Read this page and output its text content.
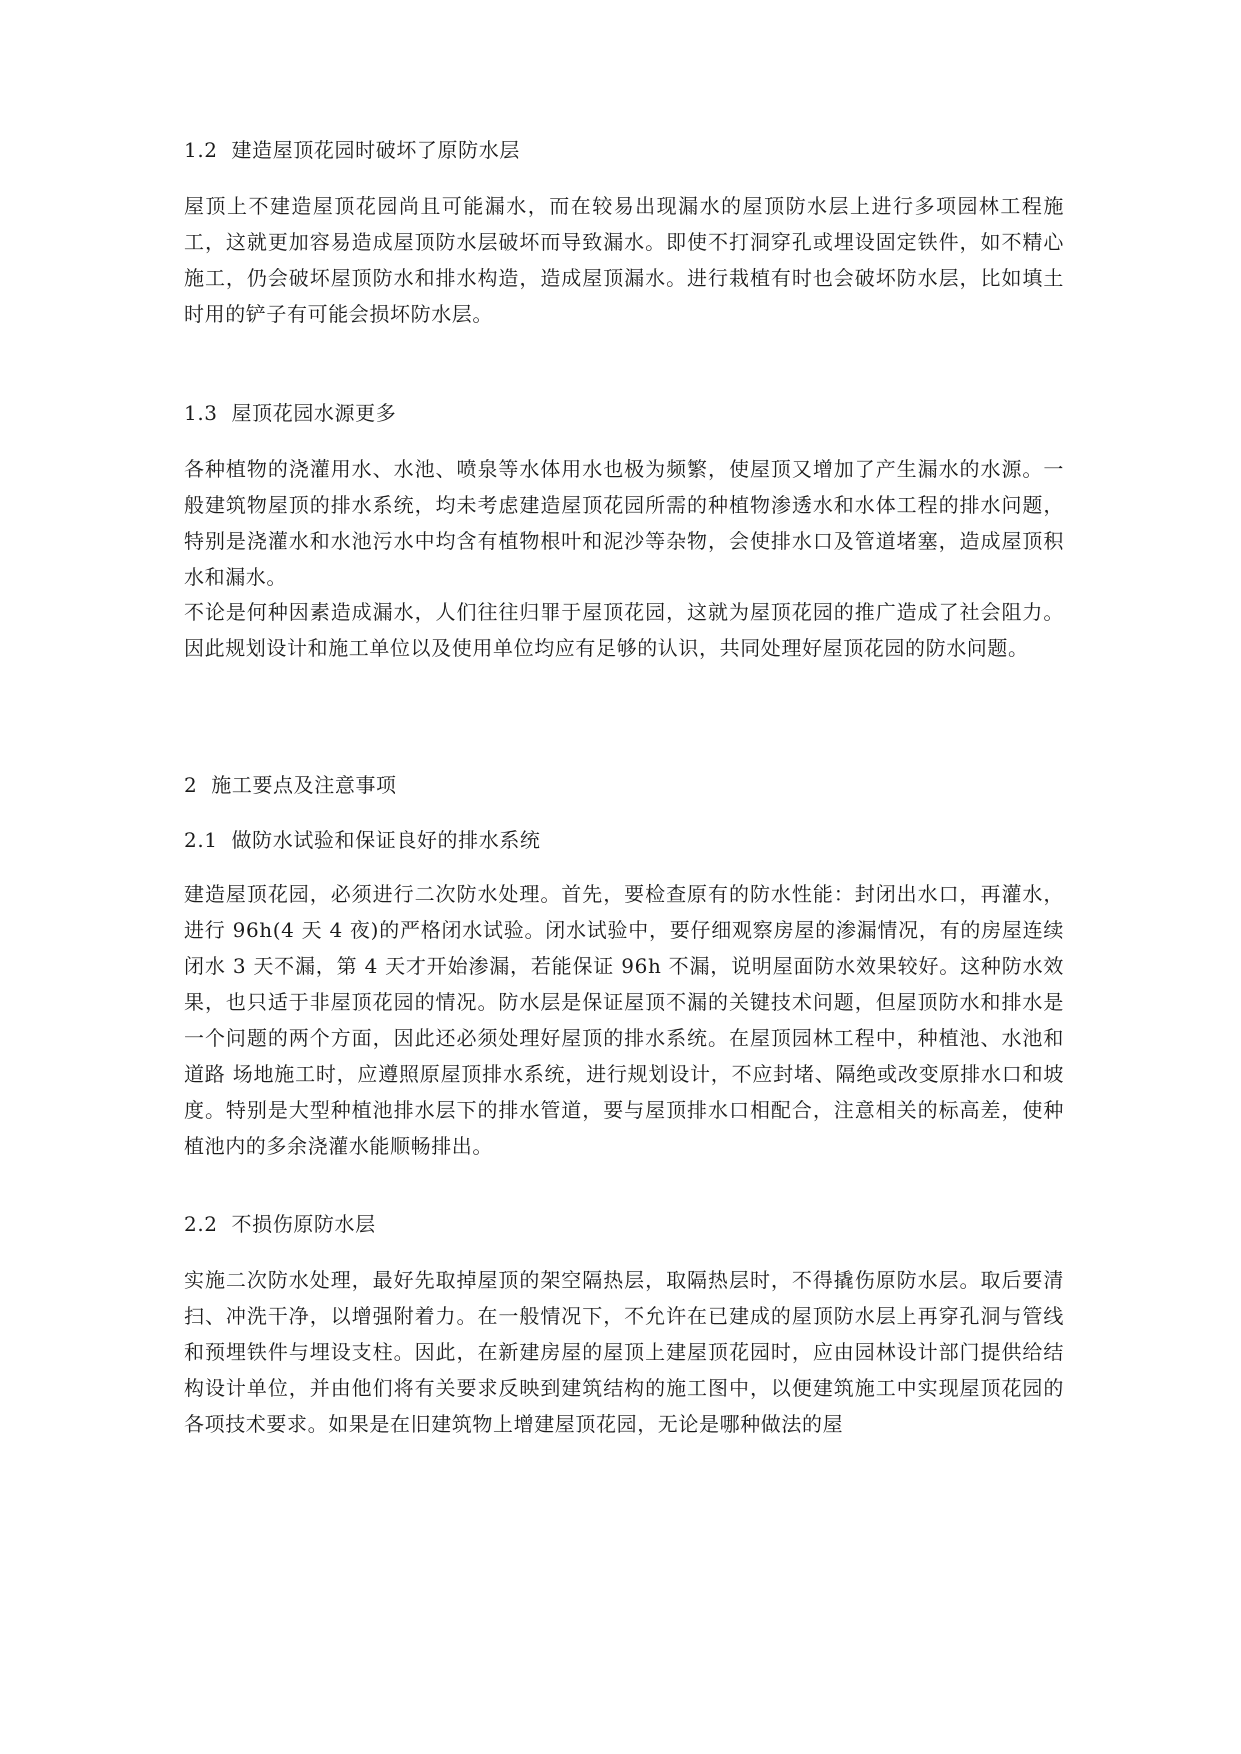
1.2  建造屋顶花园时破坏了原防水层
屋顶上不建造屋顶花园尚且可能漏水，而在较易出现漏水的屋顶防水层上进行多项园林工程施工，这就更加容易造成屋顶防水层破坏而导致漏水。即使不打洞穿孔或埋设固定铁件，如不精心施工，仍会破坏屋顶防水和排水构造，造成屋顶漏水。进行栽植有时也会破坏防水层，比如填土时用的铲子有可能会损坏防水层。
1.3  屋顶花园水源更多
各种植物的浇灌用水、水池、喷泉等水体用水也极为频繁，使屋顶又增加了产生漏水的水源。一般建筑物屋顶的排水系统，均未考虑建造屋顶花园所需的种植物渗透水和水体工程的排水问题，特别是浇灌水和水池污水中均含有植物根叶和泥沙等杂物，会使排水口及管道堵塞，造成屋顶积水和漏水。
不论是何种因素造成漏水，人们往往归罪于屋顶花园，这就为屋顶花园的推广造成了社会阻力。因此规划设计和施工单位以及使用单位均应有足够的认识，共同处理好屋顶花园的防水问题。
2  施工要点及注意事项
2.1  做防水试验和保证良好的排水系统
建造屋顶花园，必须进行二次防水处理。首先，要检查原有的防水性能：封闭出水口，再灌水，进行 96h(4 天 4 夜)的严格闭水试验。闭水试验中，要仔细观察房屋的渗漏情况，有的房屋连续闭水 3 天不漏，第 4 天才开始渗漏，若能保证 96h 不漏，说明屋面防水效果较好。这种防水效果，也只适于非屋顶花园的情况。防水层是保证屋顶不漏的关键技术问题，但屋顶防水和排水是一个问题的两个方面，因此还必须处理好屋顶的排水系统。在屋顶园林工程中，种植池、水池和道路 场地施工时，应遵照原屋顶排水系统，进行规划设计，不应封堵、隔绝或改变原排水口和坡度。特别是大型种植池排水层下的排水管道，要与屋顶排水口相配合，注意相关的标高差，使种植池内的多余浇灌水能顺畅排出。
2.2  不损伤原防水层
实施二次防水处理，最好先取掉屋顶的架空隔热层，取隔热层时，不得撬伤原防水层。取后要清扫、冲洗干净，以增强附着力。在一般情况下，不允许在已建成的屋顶防水层上再穿孔洞与管线和预埋铁件与埋设支柱。因此，在新建房屋的屋顶上建屋顶花园时，应由园林设计部门提供给结构设计单位，并由他们将有关要求反映到建筑结构的施工图中，以便建筑施工中实现屋顶花园的各项技术要求。如果是在旧建筑物上增建屋顶花园，无论是哪种做法的屋
